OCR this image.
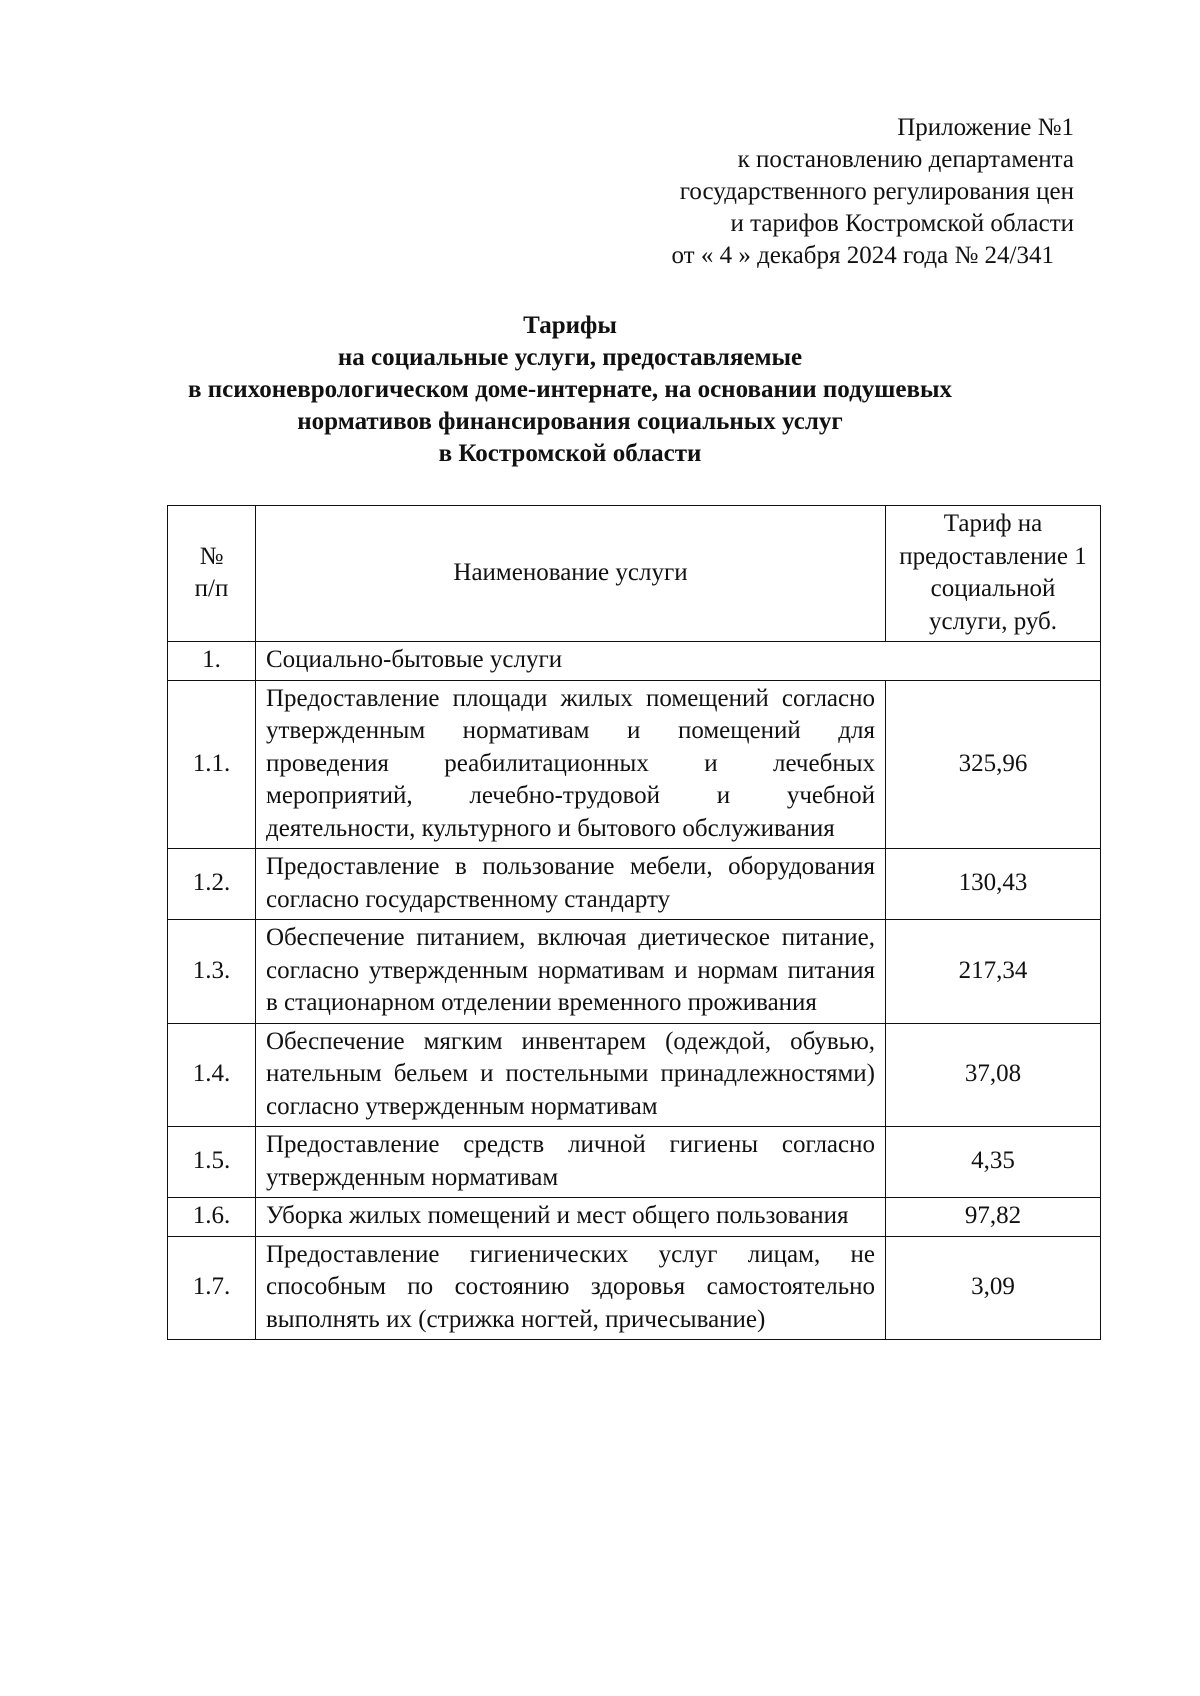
Приложение №1
к постановлению департамента
государственного регулирования цен
и тарифов Костромской области
от « 4 » декабря 2024 года № 24/341
Тарифы
на социальные услуги, предоставляемые
в психоневрологическом доме-интернате, на основании подушевых
нормативов финансирования социальных услуг
в Костромской области
№
п/п	Наименование услуги	Тариф на предоставление 1 социальной услуги, руб.
1.	Социально-бытовые услуги	
1.1.	Предоставление площади жилых помещений согласно утвержденным нормативам и помещений для проведения реабилитационных и лечебных мероприятий, лечебно-трудовой и учебной деятельности, культурного и бытового обслуживания	325,96
1.2.	Предоставление в пользование мебели, оборудования согласно государственному стандарту	130,43
1.3.	Обеспечение питанием, включая диетическое питание, согласно утвержденным нормативам и нормам питания в стационарном отделении временного проживания	217,34
1.4.	Обеспечение мягким инвентарем (одеждой, обувью, нательным бельем и постельными принадлежностями) согласно утвержденным нормативам	37,08
1.5.	Предоставление средств личной гигиены согласно утвержденным нормативам	4,35
1.6.	Уборка жилых помещений и мест общего пользования	97,82
1.7.	Предоставление гигиенических услуг лицам, не способным по состоянию здоровья самостоятельно выполнять их (стрижка ногтей, причесывание)	3,09
